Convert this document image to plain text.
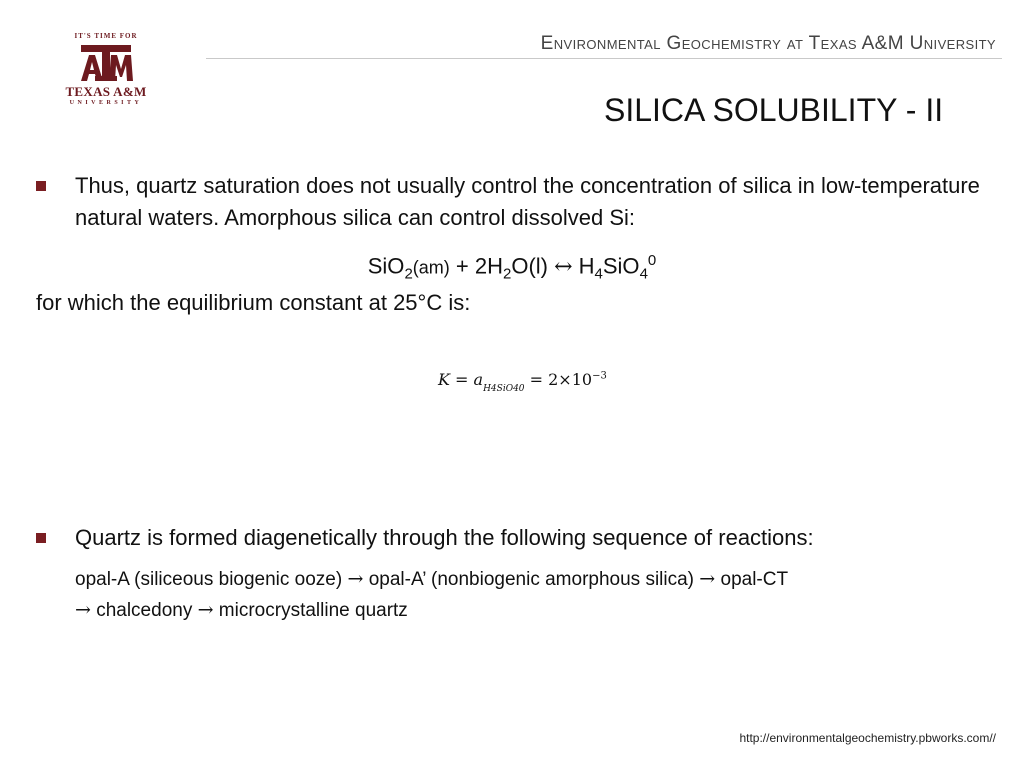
IT'S TIME FOR
TEXAS A&M
UNIVERSITY
Environmental Geochemistry at Texas A&M University
SILICA SOLUBILITY - II
Thus, quartz saturation does not usually control the concentration of silica in low-temperature natural waters. Amorphous silica can control dissolved Si:
$SiO_2(am) + 2H_2O(l)$ ↔ $H_4SiO_4^0$
for which the equilibrium constant at 25°C is:
$K = a_{H4SiO40} = 2\times 10^{-3}$
Quartz is formed diagenetically through the following sequence of reactions:
opal-A (siliceous biogenic ooze) → opal-A’ (nonbiogenic amorphous silica) → opal-CT
→ chalcedony → microcrystalline quartz
http://environmentalgeochemistry.pbworks.com//
